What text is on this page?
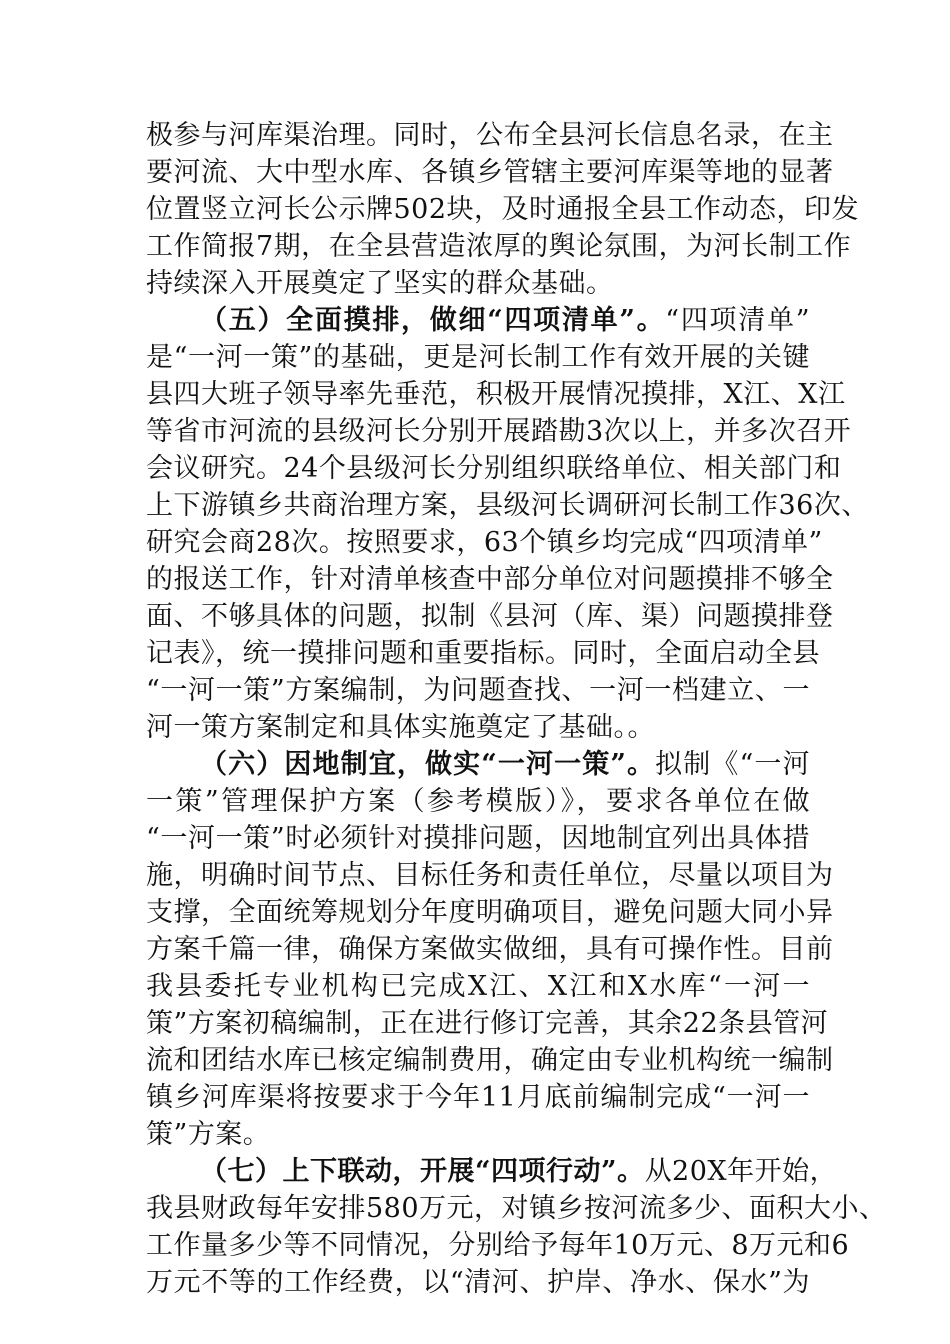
极参与河库渠治理。同时，公布全县河长信息名录，在主
要河流、大中型水库、各镇乡管辖主要河库渠等地的显著
位置竖立河长公示牌502块，及时通报全县工作动态，印发
工作简报7期，在全县营造浓厚的舆论氛围，为河长制工作
持续深入开展奠定了坚实的群众基础。
（五）全面摸排，做细“四项清单”。“四项清单”
是“一河一策”的基础，更是河长制工作有效开展的关键
县四大班子领导率先垂范，积极开展情况摸排，X江、X江
等省市河流的县级河长分别开展踏勘3次以上，并多次召开
会议研究。24个县级河长分别组织联络单位、相关部门和
上下游镇乡共商治理方案，县级河长调研河长制工作36次、
研究会商28次。按照要求，63个镇乡均完成“四项清单”
的报送工作，针对清单核查中部分单位对问题摸排不够全
面、不够具体的问题，拟制《县河（库、渠）问题摸排登
记表》，统一摸排问题和重要指标。同时，全面启动全县
“一河一策”方案编制，为问题查找、一河一档建立、一
河一策方案制定和具体实施奠定了基础。。
（六）因地制宜，做实“一河一策”。拟制《“一河
一策”管理保护方案（参考模版）》，要求各单位在做
“一河一策”时必须针对摸排问题，因地制宜列出具体措
施，明确时间节点、目标任务和责任单位，尽量以项目为
支撑，全面统筹规划分年度明确项目，避免问题大同小异
方案千篇一律，确保方案做实做细，具有可操作性。目前
我县委托专业机构已完成X江、X江和X水库“一河一
策”方案初稿编制，正在进行修订完善，其余22条县管河
流和团结水库已核定编制费用，确定由专业机构统一编制
镇乡河库渠将按要求于今年11月底前编制完成“一河一
策”方案。
（七）上下联动，开展“四项行动”。从20X年开始，
我县财政每年安排580万元，对镇乡按河流多少、面积大小、
工作量多少等不同情况，分别给予每年10万元、8万元和6
万元不等的工作经费，以“清河、护岸、净水、保水”为
